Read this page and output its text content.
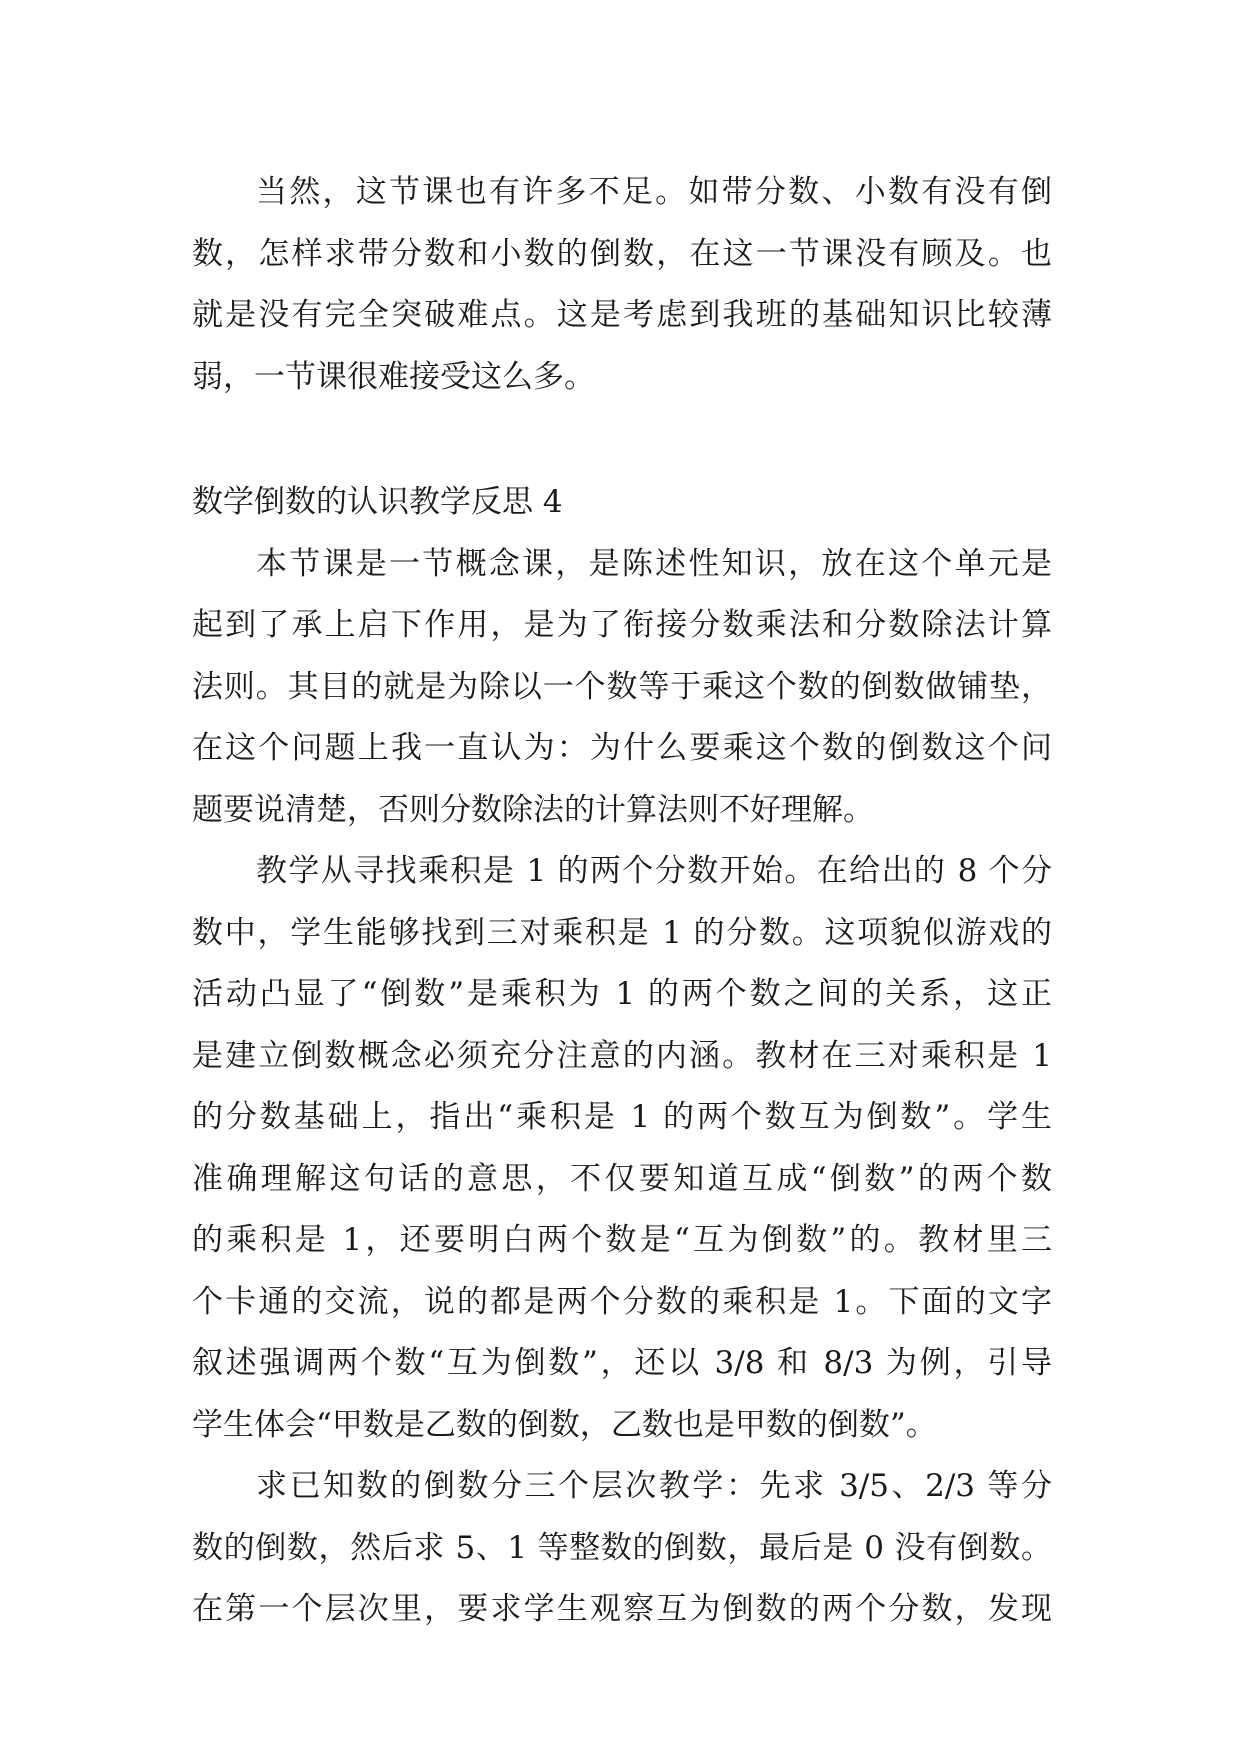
当然，这节课也有许多不足。如带分数、小数有没有倒
数，怎样求带分数和小数的倒数，在这一节课没有顾及。也
就是没有完全突破难点。这是考虑到我班的基础知识比较薄
弱，一节课很难接受这么多。
数学倒数的认识教学反思 4
本节课是一节概念课，是陈述性知识，放在这个单元是
起到了承上启下作用，是为了衔接分数乘法和分数除法计算
法则。其目的就是为除以一个数等于乘这个数的倒数做铺垫，
在这个问题上我一直认为：为什么要乘这个数的倒数这个问
题要说清楚，否则分数除法的计算法则不好理解。
教学从寻找乘积是 1 的两个分数开始。在给出的 8 个分
数中，学生能够找到三对乘积是 1 的分数。这项貌似游戏的
活动凸显了“倒数”是乘积为 1 的两个数之间的关系，这正
是建立倒数概念必须充分注意的内涵。教材在三对乘积是 1
的分数基础上，指出“乘积是 1 的两个数互为倒数”。学生
准确理解这句话的意思，不仅要知道互成“倒数”的两个数
的乘积是 1，还要明白两个数是“互为倒数”的。教材里三
个卡通的交流，说的都是两个分数的乘积是 1。下面的文字
叙述强调两个数“互为倒数”，还以 3/8 和 8/3 为例，引导
学生体会“甲数是乙数的倒数，乙数也是甲数的倒数”。
求已知数的倒数分三个层次教学：先求 3/5、2/3 等分
数的倒数，然后求 5、1 等整数的倒数，最后是 0 没有倒数。
在第一个层次里，要求学生观察互为倒数的两个分数，发现
